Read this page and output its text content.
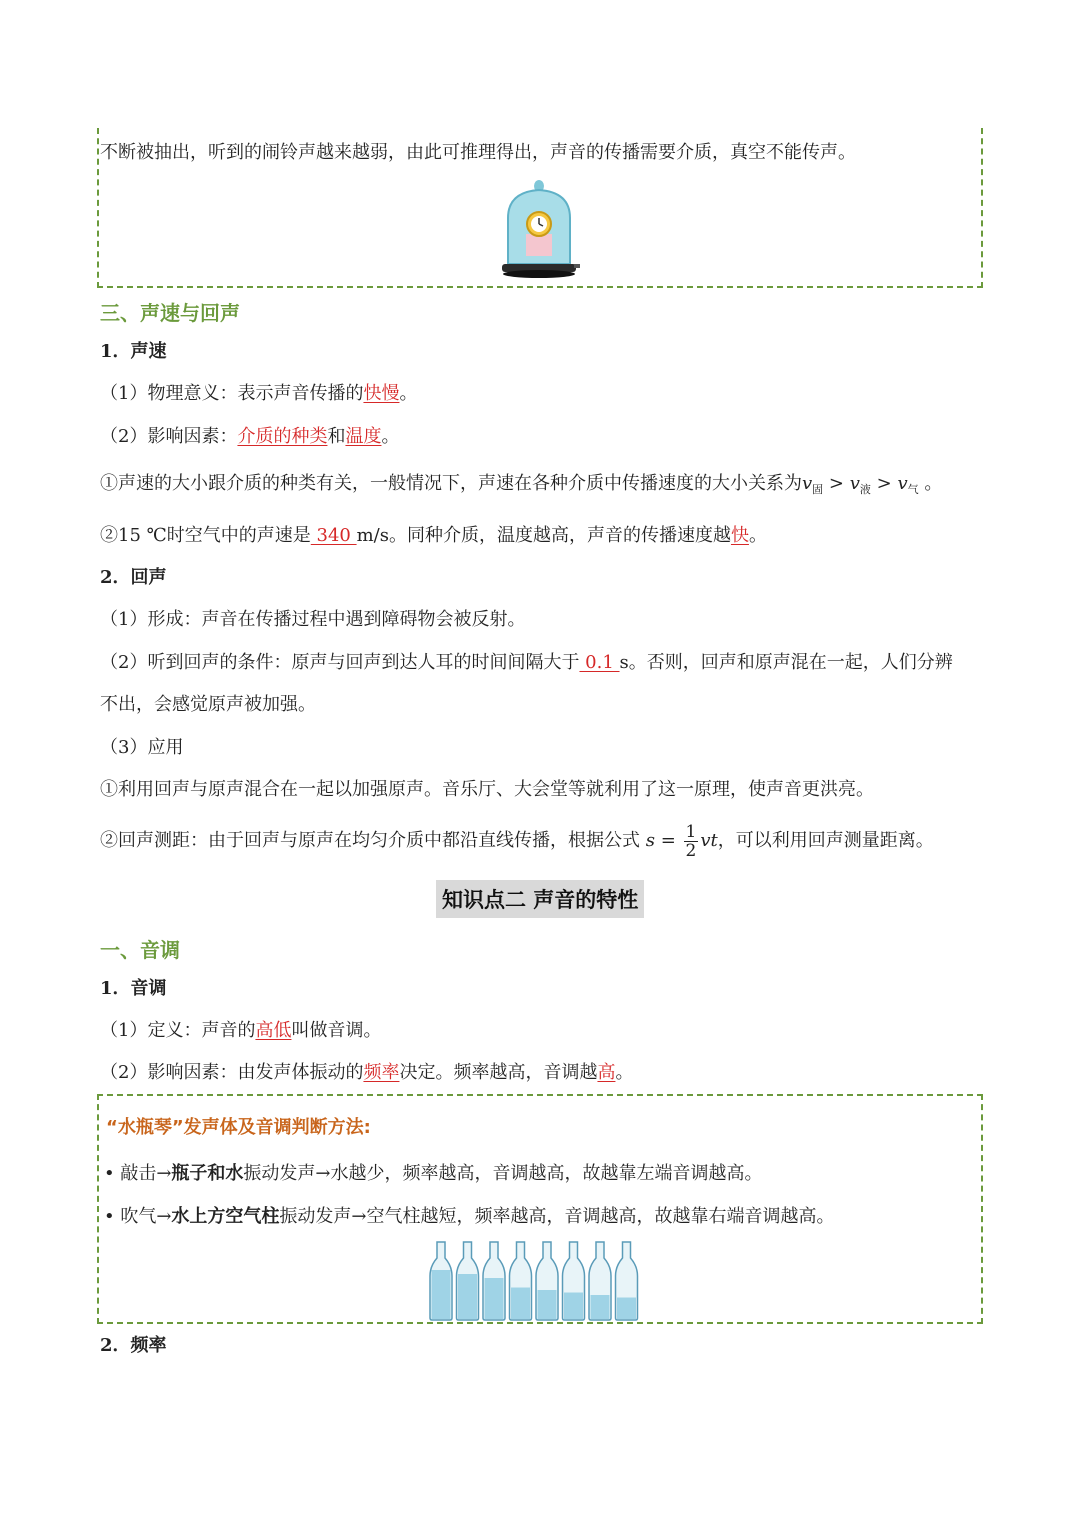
不断被抽出，听到的闹铃声越来越弱，由此可推理得出，声音的传播需要介质，真空不能传声。
三、声速与回声
1．声速
（1）物理意义：表示声音传播的快慢。
（2）影响因素：介质的种类和温度。
①声速的大小跟介质的种类有关，一般情况下，声速在各种介质中传播速度的大小关系为$v_固 > v_液 > v_气$ 。
②15 ℃时空气中的声速是 340 m/s。同种介质，温度越高，声音的传播速度越快。
2．回声
（1）形成：声音在传播过程中遇到障碍物会被反射。
（2）听到回声的条件：原声与回声到达人耳的时间间隔大于 0.1 s。否则，回声和原声混在一起，人们分辨
不出，会感觉原声被加强。
（3）应用
①利用回声与原声混合在一起以加强原声。音乐厅、大会堂等就利用了这一原理，使声音更洪亮。
②回声测距：由于回声与原声在均匀介质中都沿直线传播，根据公式 $s = \frac{1}{2}$ vt，可以利用回声测量距离。
知识点二 声音的特性
一、音调
1．音调
（1）定义：声音的高低叫做音调。
（2）影响因素：由发声体振动的频率决定。频率越高，音调越高。
“水瓶琴”发声体及音调判断方法:
• 敲击→瓶子和水振动发声→水越少，频率越高，音调越高，故越靠左端音调越高。
• 吹气→水上方空气柱振动发声→空气柱越短，频率越高，音调越高，故越靠右端音调越高。
2．频率
